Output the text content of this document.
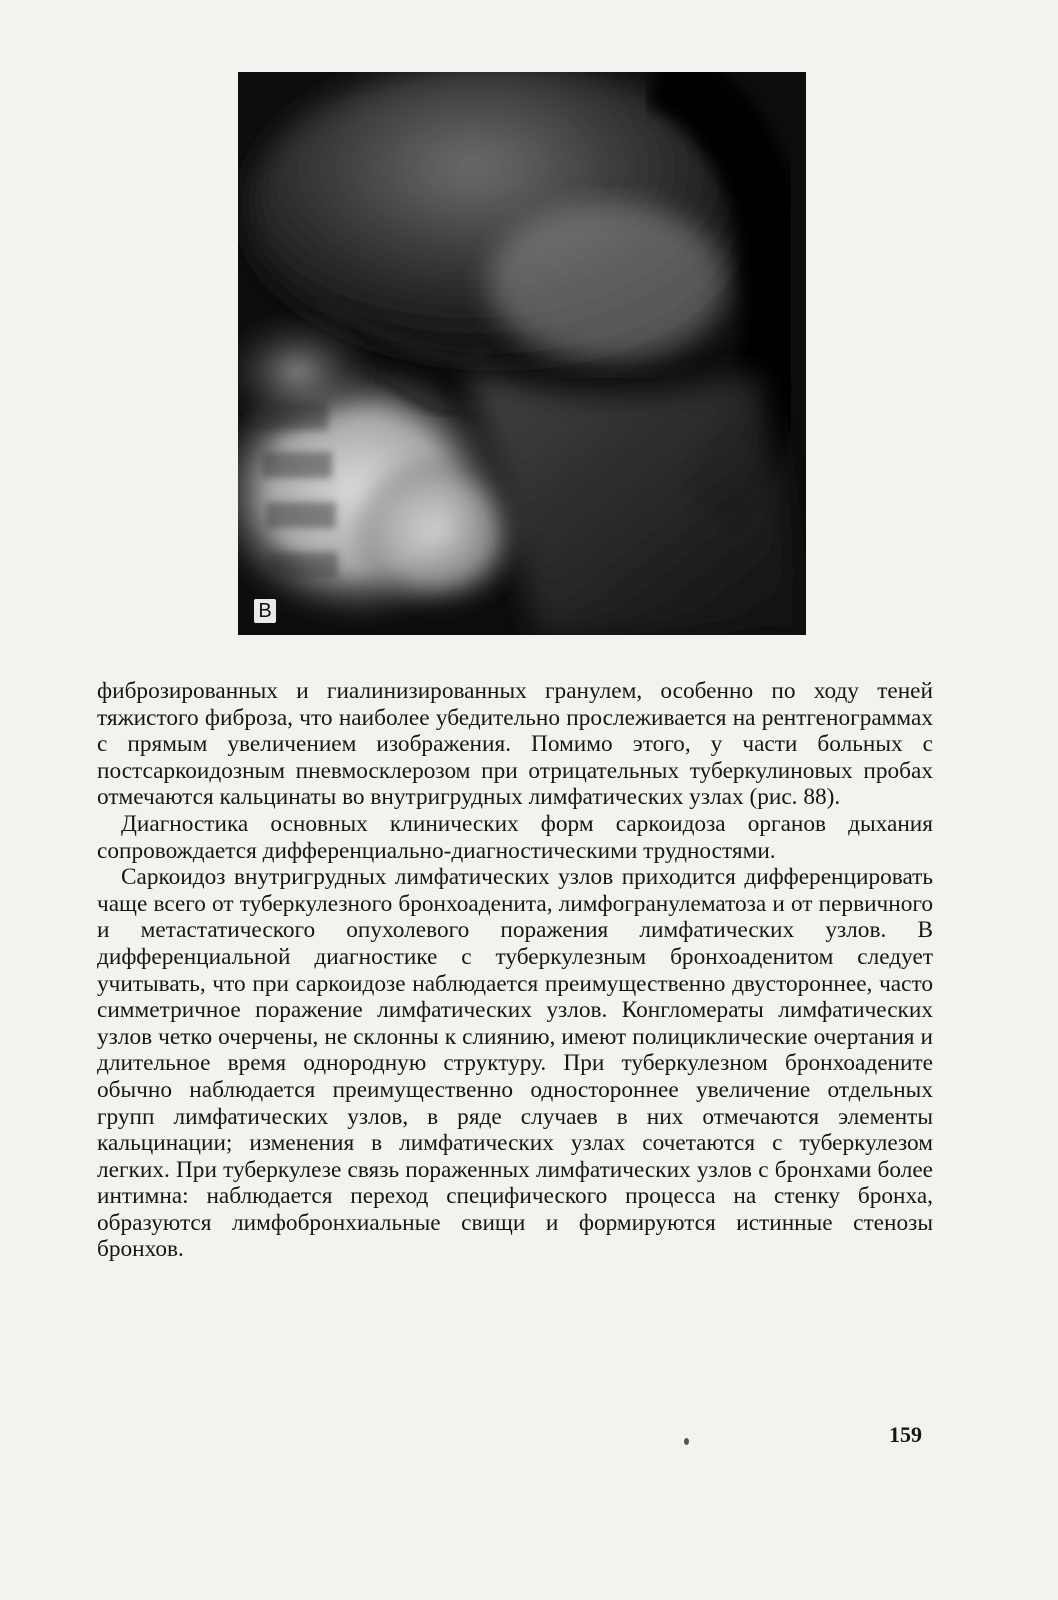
В

фиброзированных и гиалинизированных гранулем, особенно по ходу теней тяжистого фиброза, что наиболее убедительно прослеживается на рентгенограммах с прямым увеличением изображения. Помимо этого, у части больных с постсаркоидозным пневмосклерозом при отрицательных туберкулиновых пробах отмечаются кальцинаты во внутригрудных лимфатических узлах (рис. 88).

Диагностика основных клинических форм саркоидоза органов дыхания сопровождается дифференциально-диагностическими трудностями.

Саркоидоз внутригрудных лимфатических узлов приходится дифференцировать чаще всего от туберкулезного бронхоаденита, лимфогранулематоза и от первичного и метастатического опухолевого поражения лимфатических узлов. В дифференциальной диагностике с туберкулезным бронхоаденитом следует учитывать, что при саркоидозе наблюдается преимущественно двустороннее, часто симметричное поражение лимфатических узлов. Конгломераты лимфатических узлов четко очерчены, не склонны к слиянию, имеют полициклические очертания и длительное время однородную структуру. При туберкулезном бронхоадените обычно наблюдается преимущественно одностороннее увеличение отдельных групп лимфатических узлов, в ряде случаев в них отмечаются элементы кальцинации; изменения в лимфатических узлах сочетаются с туберкулезом легких. При туберкулезе связь пораженных лимфатических узлов с бронхами более интимна: наблюдается переход специфического процесса на стенку бронха, образуются лимфобронхиальные свищи и формируются истинные стенозы бронхов.

159
